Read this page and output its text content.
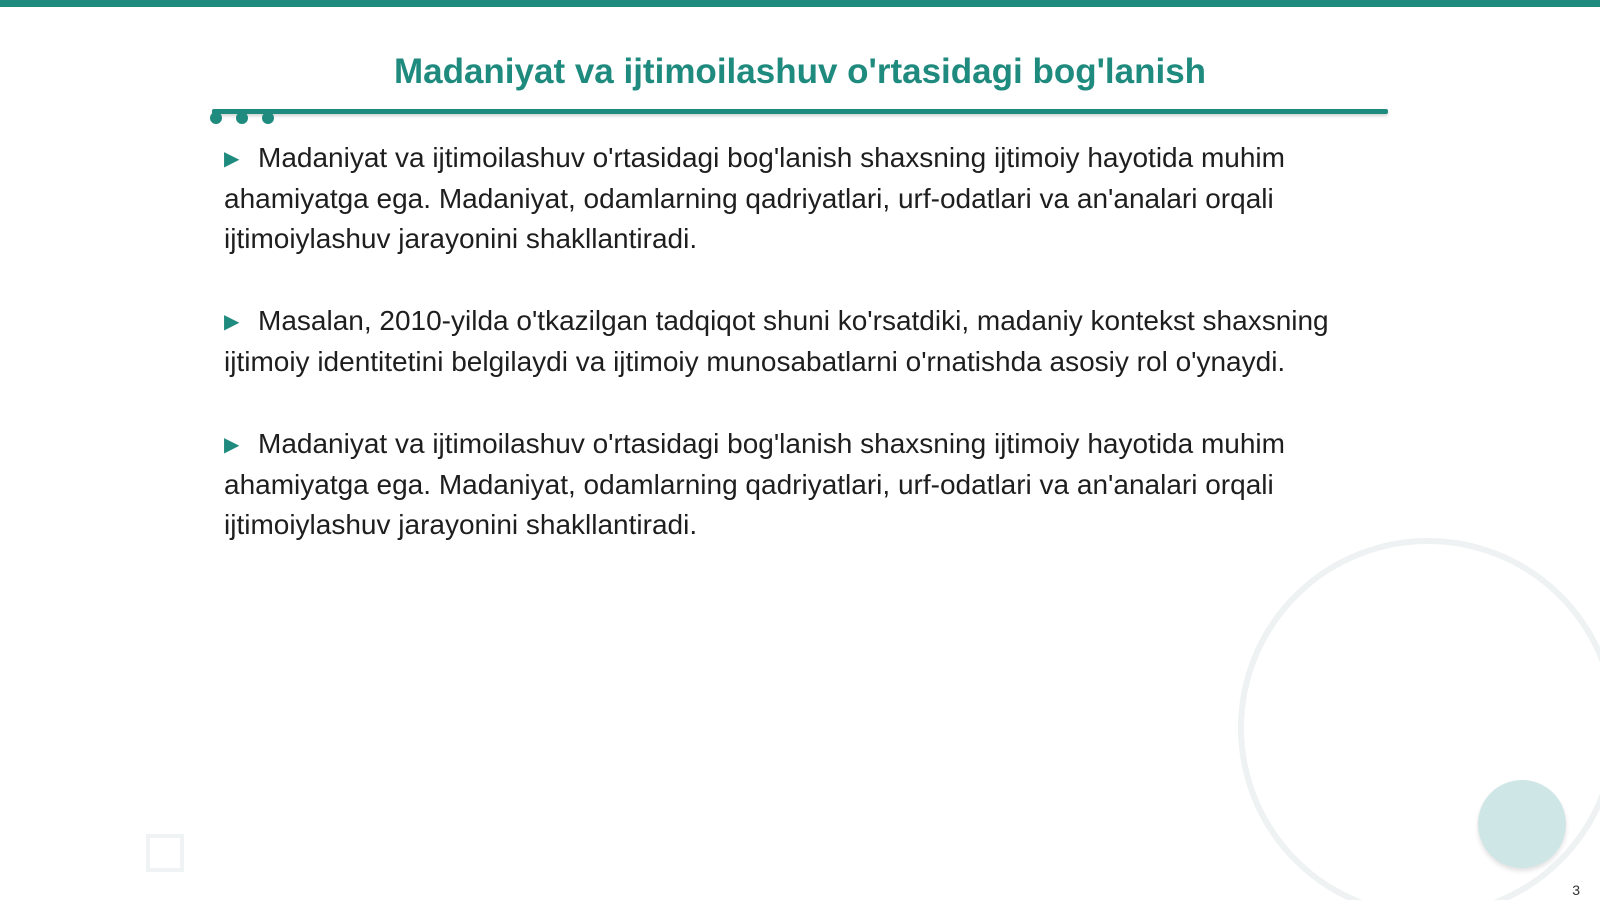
Madaniyat va ijtimoilashuv o'rtasidagi bog'lanish

▶ Madaniyat va ijtimoilashuv o'rtasidagi bog'lanish shaxsning ijtimoiy hayotida muhim ahamiyatga ega. Madaniyat, odamlarning qadriyatlari, urf-odatlari va an'analari orqali ijtimoiylashuv jarayonini shakllantiradi.

▶ Masalan, 2010-yilda o'tkazilgan tadqiqot shuni ko'rsatdiki, madaniy kontekst shaxsning ijtimoiy identitetini belgilaydi va ijtimoiy munosabatlarni o'rnatishda asosiy rol o'ynaydi.

▶ Madaniyat va ijtimoilashuv o'rtasidagi bog'lanish shaxsning ijtimoiy hayotida muhim ahamiyatga ega. Madaniyat, odamlarning qadriyatlari, urf-odatlari va an'analari orqali ijtimoiylashuv jarayonini shakllantiradi.

3
